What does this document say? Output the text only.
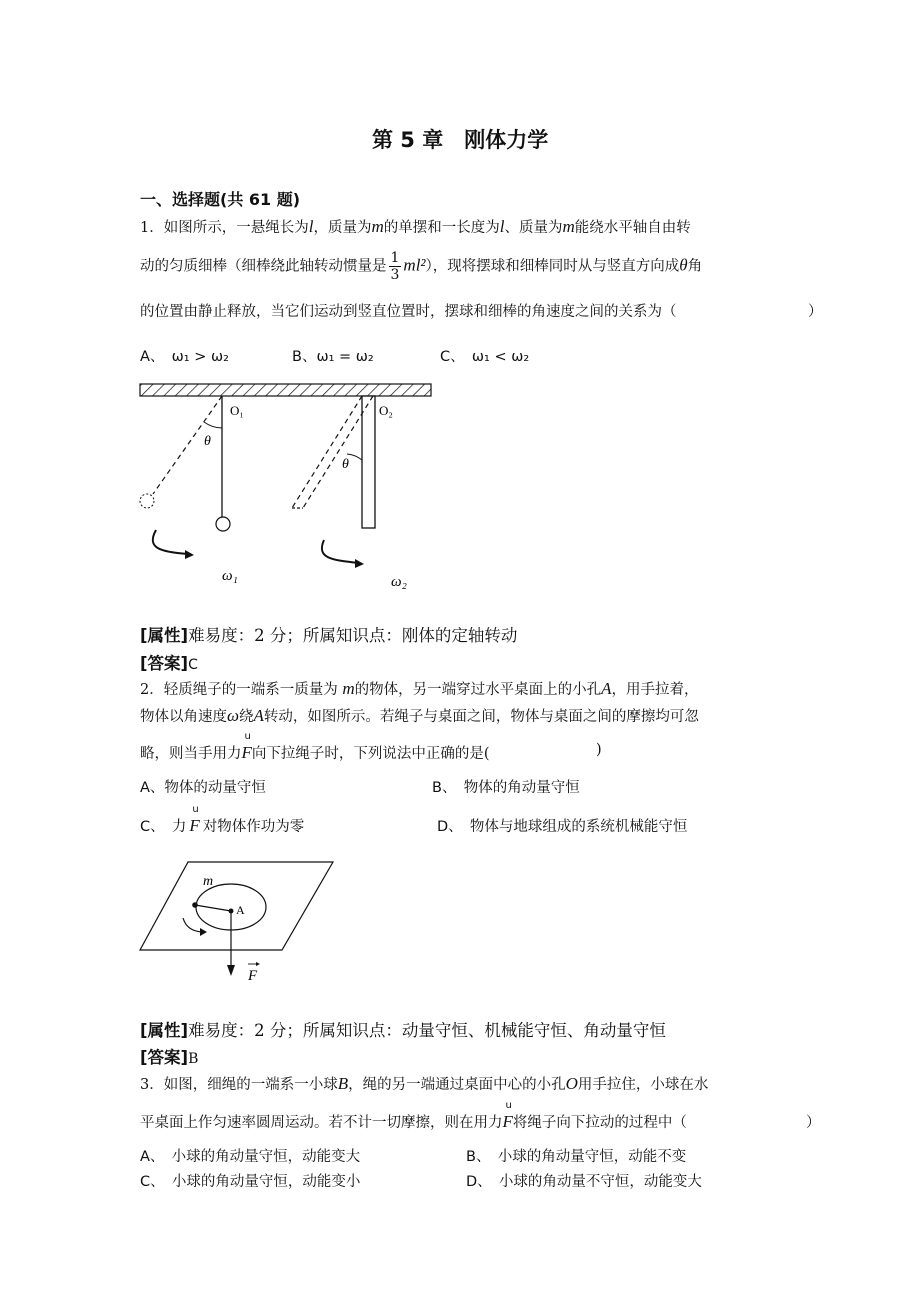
第 5 章　刚体力学
一、选择题(共 61 题)
1．如图所示，一悬绳长为l，质量为m的单摆和一长度为l、质量为m能绕水平轴自由转
动的匀质细棒（细棒绕此轴转动惯量是 $\frac{1}{3} ml^2$），现将摆球和细棒同时从与竖直方向成θ角
的位置由静止释放，当它们运动到竖直位置时，摆球和细棒的角速度之间的关系为（	）
A、　ω₁ > ω₂	B、ω₁ = ω₂	C、　ω₁ < ω₂
O₁
θ
O₂
θ
ω₁	ω₂
[属性]难易度：2 分；所属知识点：刚体的定轴转动
[答案]C
2．轻质绳子的一端系一质量为 m的物体，另一端穿过水平桌面上的小孔A，用手拉着，
物体以角速度ω绕A转动，如图所示。若绳子与桌面之间，物体与桌面之间的摩擦均可忽
略，则当手用力
u
F向下拉绳子时，下列说法中正确的是(	)
A、物体的动量守恒	B、　物体的角动量守恒
C、　力
u
F 对物体作功为零	D、　物体与地球组成的系统机械能守恒
m
A
F
[属性]难易度：2 分；所属知识点：动量守恒、机械能守恒、角动量守恒
[答案]B
3．如图，细绳的一端系一小球B，绳的另一端通过桌面中心的小孔O用手拉住，小球在水
平桌面上作匀速率圆周运动。若不计一切摩擦，则在用力
u
F将绳子向下拉动的过程中（	）
A、　小球的角动量守恒，动能变大	B、　小球的角动量守恒，动能不变
C、　小球的角动量守恒，动能变小	D、　小球的角动量不守恒，动能变大
